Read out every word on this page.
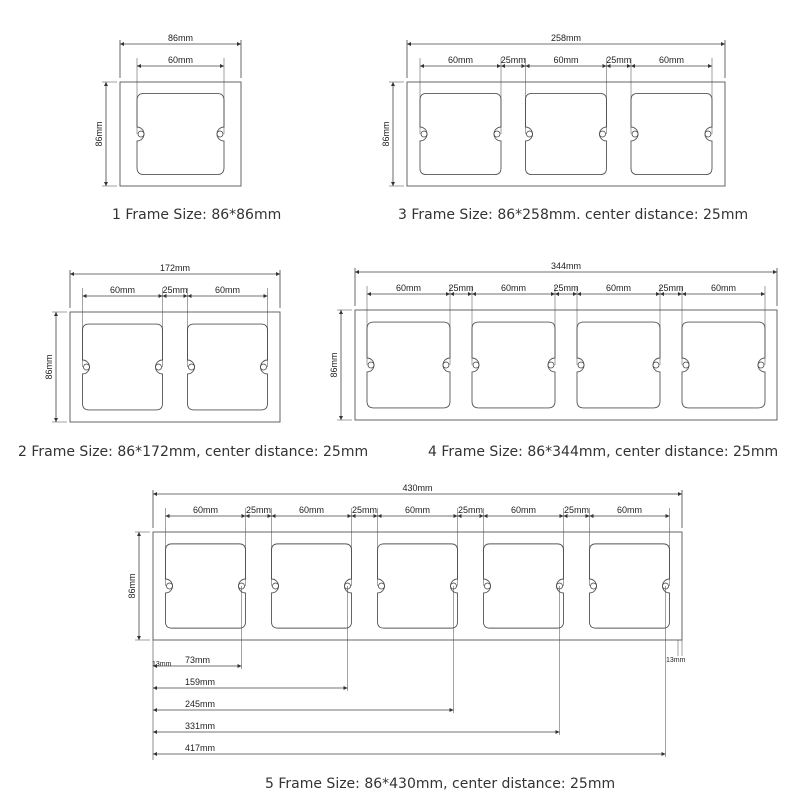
1 Frame Size: 86*86mm	3 Frame Size: 86*258mm. center distance: 25mm
2 Frame Size: 86*172mm, center distance: 25mm	4 Frame Size: 86*344mm, center distance: 25mm
5 Frame Size: 86*430mm, center distance: 25mm
86mm
60mm
86mm
258mm
60mm	25mm	60mm	25mm	60mm
86mm
172mm
60mm	25mm	60mm
86mm
344mm
60mm	25mm	60mm	25mm	60mm	25mm	60mm
86mm
430mm
60mm	25mm	60mm	25mm	60mm	25mm	60mm	25mm	60mm
86mm
73mm
159mm
245mm
331mm
417mm
13mm
13mm
